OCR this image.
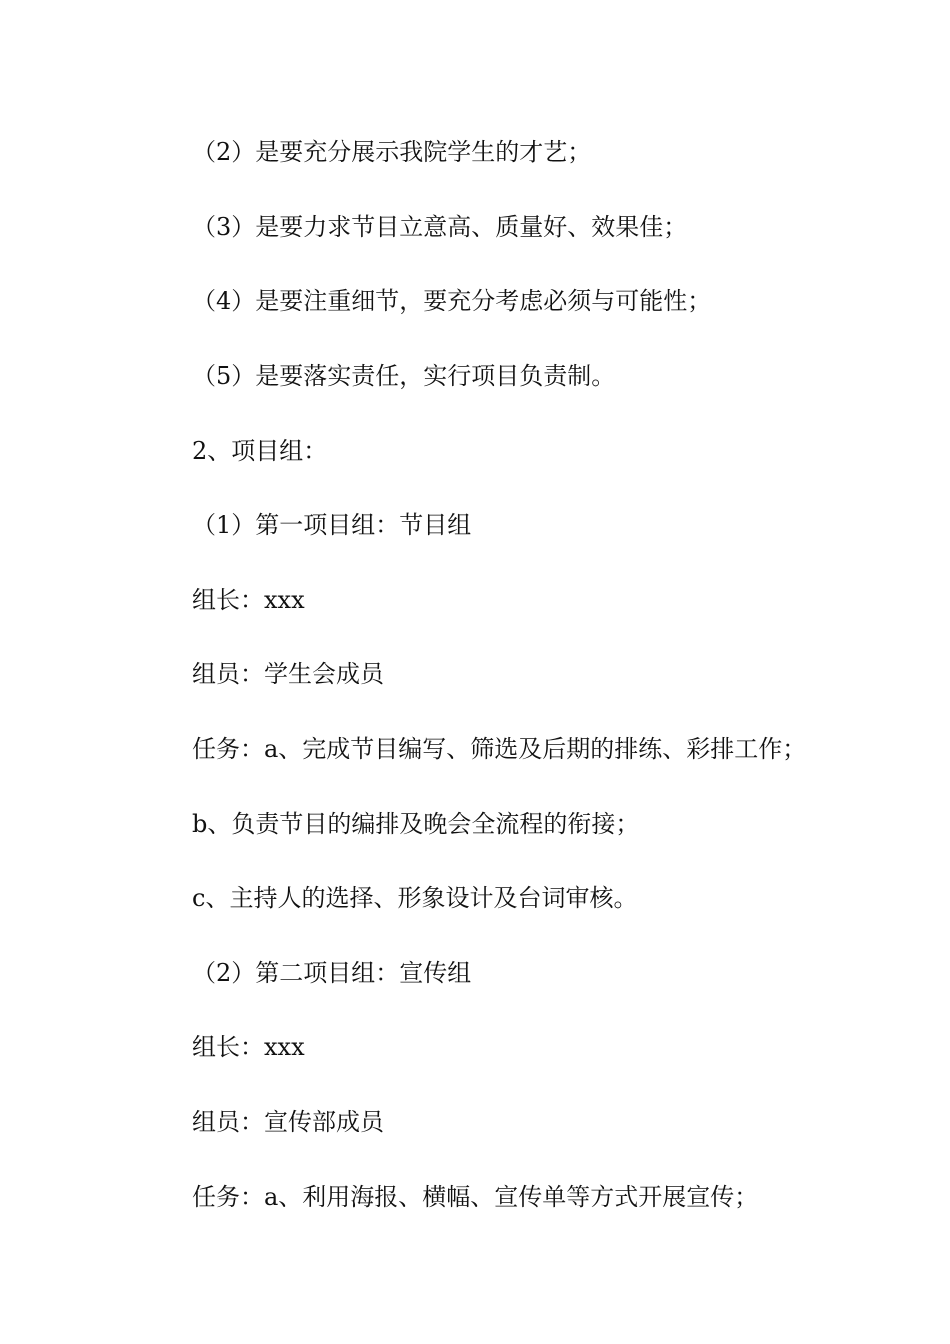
（2）是要充分展示我院学生的才艺；

（3）是要力求节目立意高、质量好、效果佳；

（4）是要注重细节，要充分考虑必须与可能性；

（5）是要落实责任，实行项目负责制。

2、项目组：

（1）第一项目组：节目组

组长：xxx

组员：学生会成员

任务：a、完成节目编写、筛选及后期的排练、彩排工作；

b、负责节目的编排及晚会全流程的衔接；

c、主持人的选择、形象设计及台词审核。

（2）第二项目组：宣传组

组长：xxx

组员：宣传部成员

任务：a、利用海报、横幅、宣传单等方式开展宣传；
